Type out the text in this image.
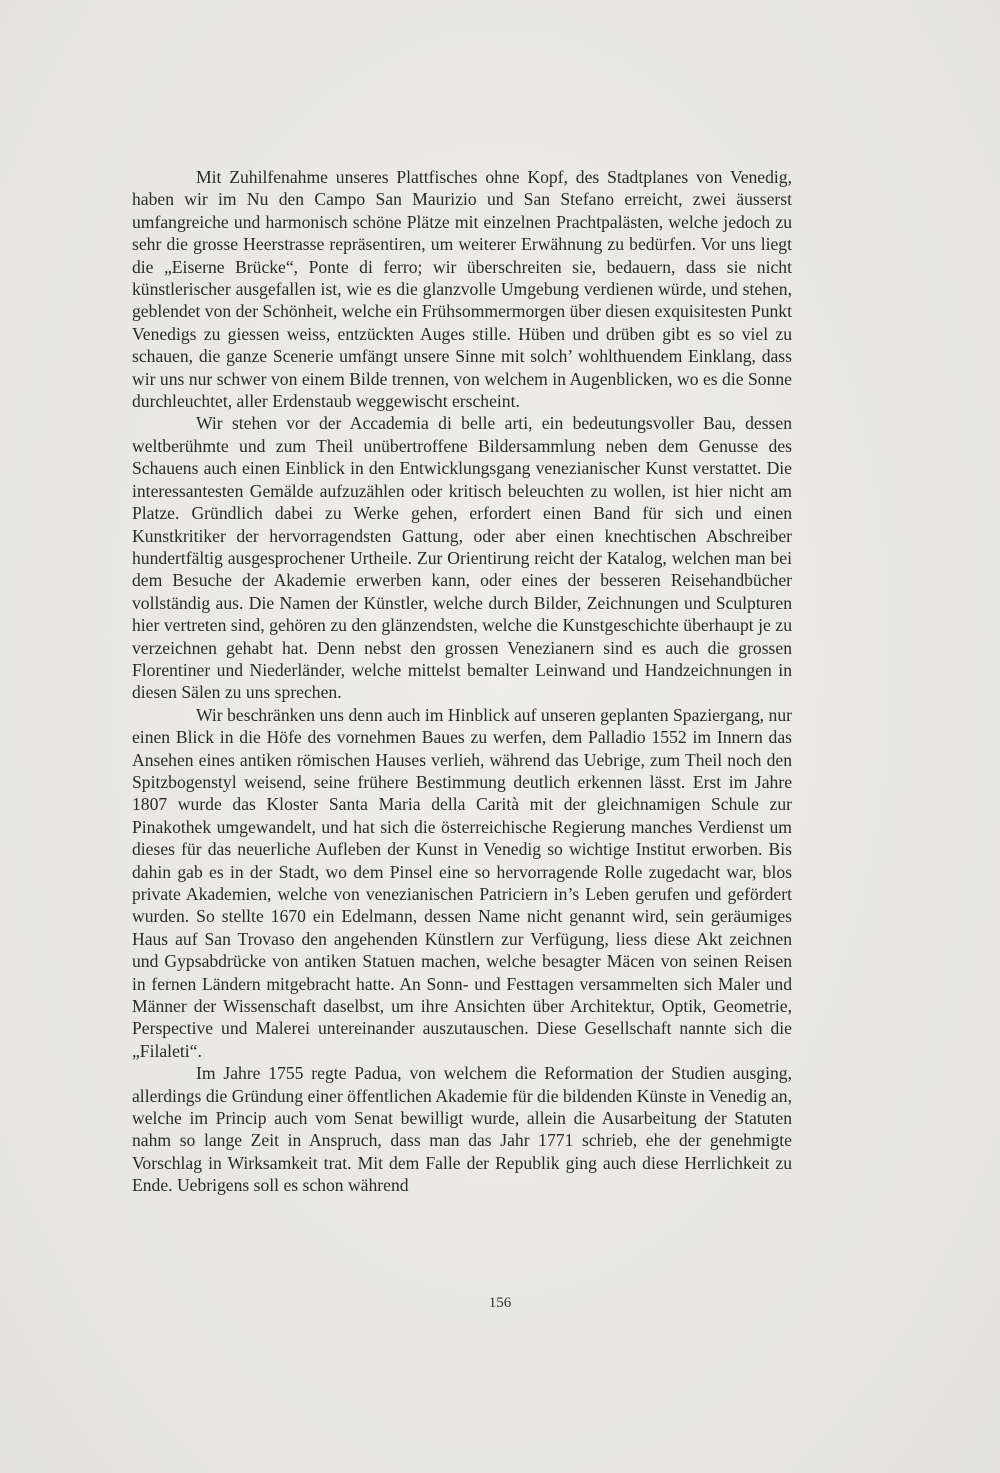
Mit Zuhilfenahme unseres Plattfisches ohne Kopf, des Stadtplanes von Venedig, haben wir im Nu den Campo San Maurizio und San Stefano erreicht, zwei äusserst umfangreiche und harmonisch schöne Plätze mit einzelnen Prachtpalästen, welche jedoch zu sehr die grosse Heerstrasse repräsentiren, um weiterer Erwähnung zu bedürfen. Vor uns liegt die „Eiserne Brücke“, Ponte di ferro; wir überschreiten sie, bedauern, dass sie nicht künstlerischer ausgefallen ist, wie es die glanzvolle Umgebung verdienen würde, und stehen, geblendet von der Schönheit, welche ein Frühsommermorgen über diesen exquisitesten Punkt Venedigs zu giessen weiss, entzückten Auges stille. Hüben und drüben gibt es so viel zu schauen, die ganze Scenerie umfängt unsere Sinne mit solch’ wohlthuendem Einklang, dass wir uns nur schwer von einem Bilde trennen, von welchem in Augenblicken, wo es die Sonne durchleuchtet, aller Erdenstaub weggewischt erscheint.

Wir stehen vor der Accademia di belle arti, ein bedeutungsvoller Bau, dessen weltberühmte und zum Theil unübertroffene Bildersammlung neben dem Genusse des Schauens auch einen Einblick in den Entwicklungsgang venezianischer Kunst verstattet. Die interessantesten Gemälde aufzuzählen oder kritisch beleuchten zu wollen, ist hier nicht am Platze. Gründlich dabei zu Werke gehen, erfordert einen Band für sich und einen Kunstkritiker der hervorragendsten Gattung, oder aber einen knechtischen Abschreiber hundertfältig ausgesprochener Urtheile. Zur Orientirung reicht der Katalog, welchen man bei dem Besuche der Akademie erwerben kann, oder eines der besseren Reisehandbücher vollständig aus. Die Namen der Künstler, welche durch Bilder, Zeichnungen und Sculpturen hier vertreten sind, gehören zu den glänzendsten, welche die Kunstgeschichte überhaupt je zu verzeichnen gehabt hat. Denn nebst den grossen Venezianern sind es auch die grossen Florentiner und Niederländer, welche mittelst bemalter Leinwand und Handzeichnungen in diesen Sälen zu uns sprechen.

Wir beschränken uns denn auch im Hinblick auf unseren geplanten Spaziergang, nur einen Blick in die Höfe des vornehmen Baues zu werfen, dem Palladio 1552 im Innern das Ansehen eines antiken römischen Hauses verlieh, während das Uebrige, zum Theil noch den Spitzbogenstyl weisend, seine frühere Bestimmung deutlich erkennen lässt. Erst im Jahre 1807 wurde das Kloster Santa Maria della Carità mit der gleichnamigen Schule zur Pinakothek umgewandelt, und hat sich die österreichische Regierung manches Verdienst um dieses für das neuerliche Aufleben der Kunst in Venedig so wichtige Institut erworben. Bis dahin gab es in der Stadt, wo dem Pinsel eine so hervorragende Rolle zugedacht war, blos private Akademien, welche von venezianischen Patriciern in’s Leben gerufen und gefördert wurden. So stellte 1670 ein Edelmann, dessen Name nicht genannt wird, sein geräumiges Haus auf San Trovaso den angehenden Künstlern zur Verfügung, liess diese Akt zeichnen und Gypsabdrücke von antiken Statuen machen, welche besagter Mäcen von seinen Reisen in fernen Ländern mitgebracht hatte. An Sonn- und Festtagen versammelten sich Maler und Männer der Wissenschaft daselbst, um ihre Ansichten über Architektur, Optik, Geometrie, Perspective und Malerei untereinander auszutauschen. Diese Gesellschaft nannte sich die „Filaleti“.

Im Jahre 1755 regte Padua, von welchem die Reformation der Studien ausging, allerdings die Gründung einer öffentlichen Akademie für die bildenden Künste in Venedig an, welche im Princip auch vom Senat bewilligt wurde, allein die Ausarbeitung der Statuten nahm so lange Zeit in Anspruch, dass man das Jahr 1771 schrieb, ehe der genehmigte Vorschlag in Wirksamkeit trat. Mit dem Falle der Republik ging auch diese Herrlichkeit zu Ende. Uebrigens soll es schon während

156
